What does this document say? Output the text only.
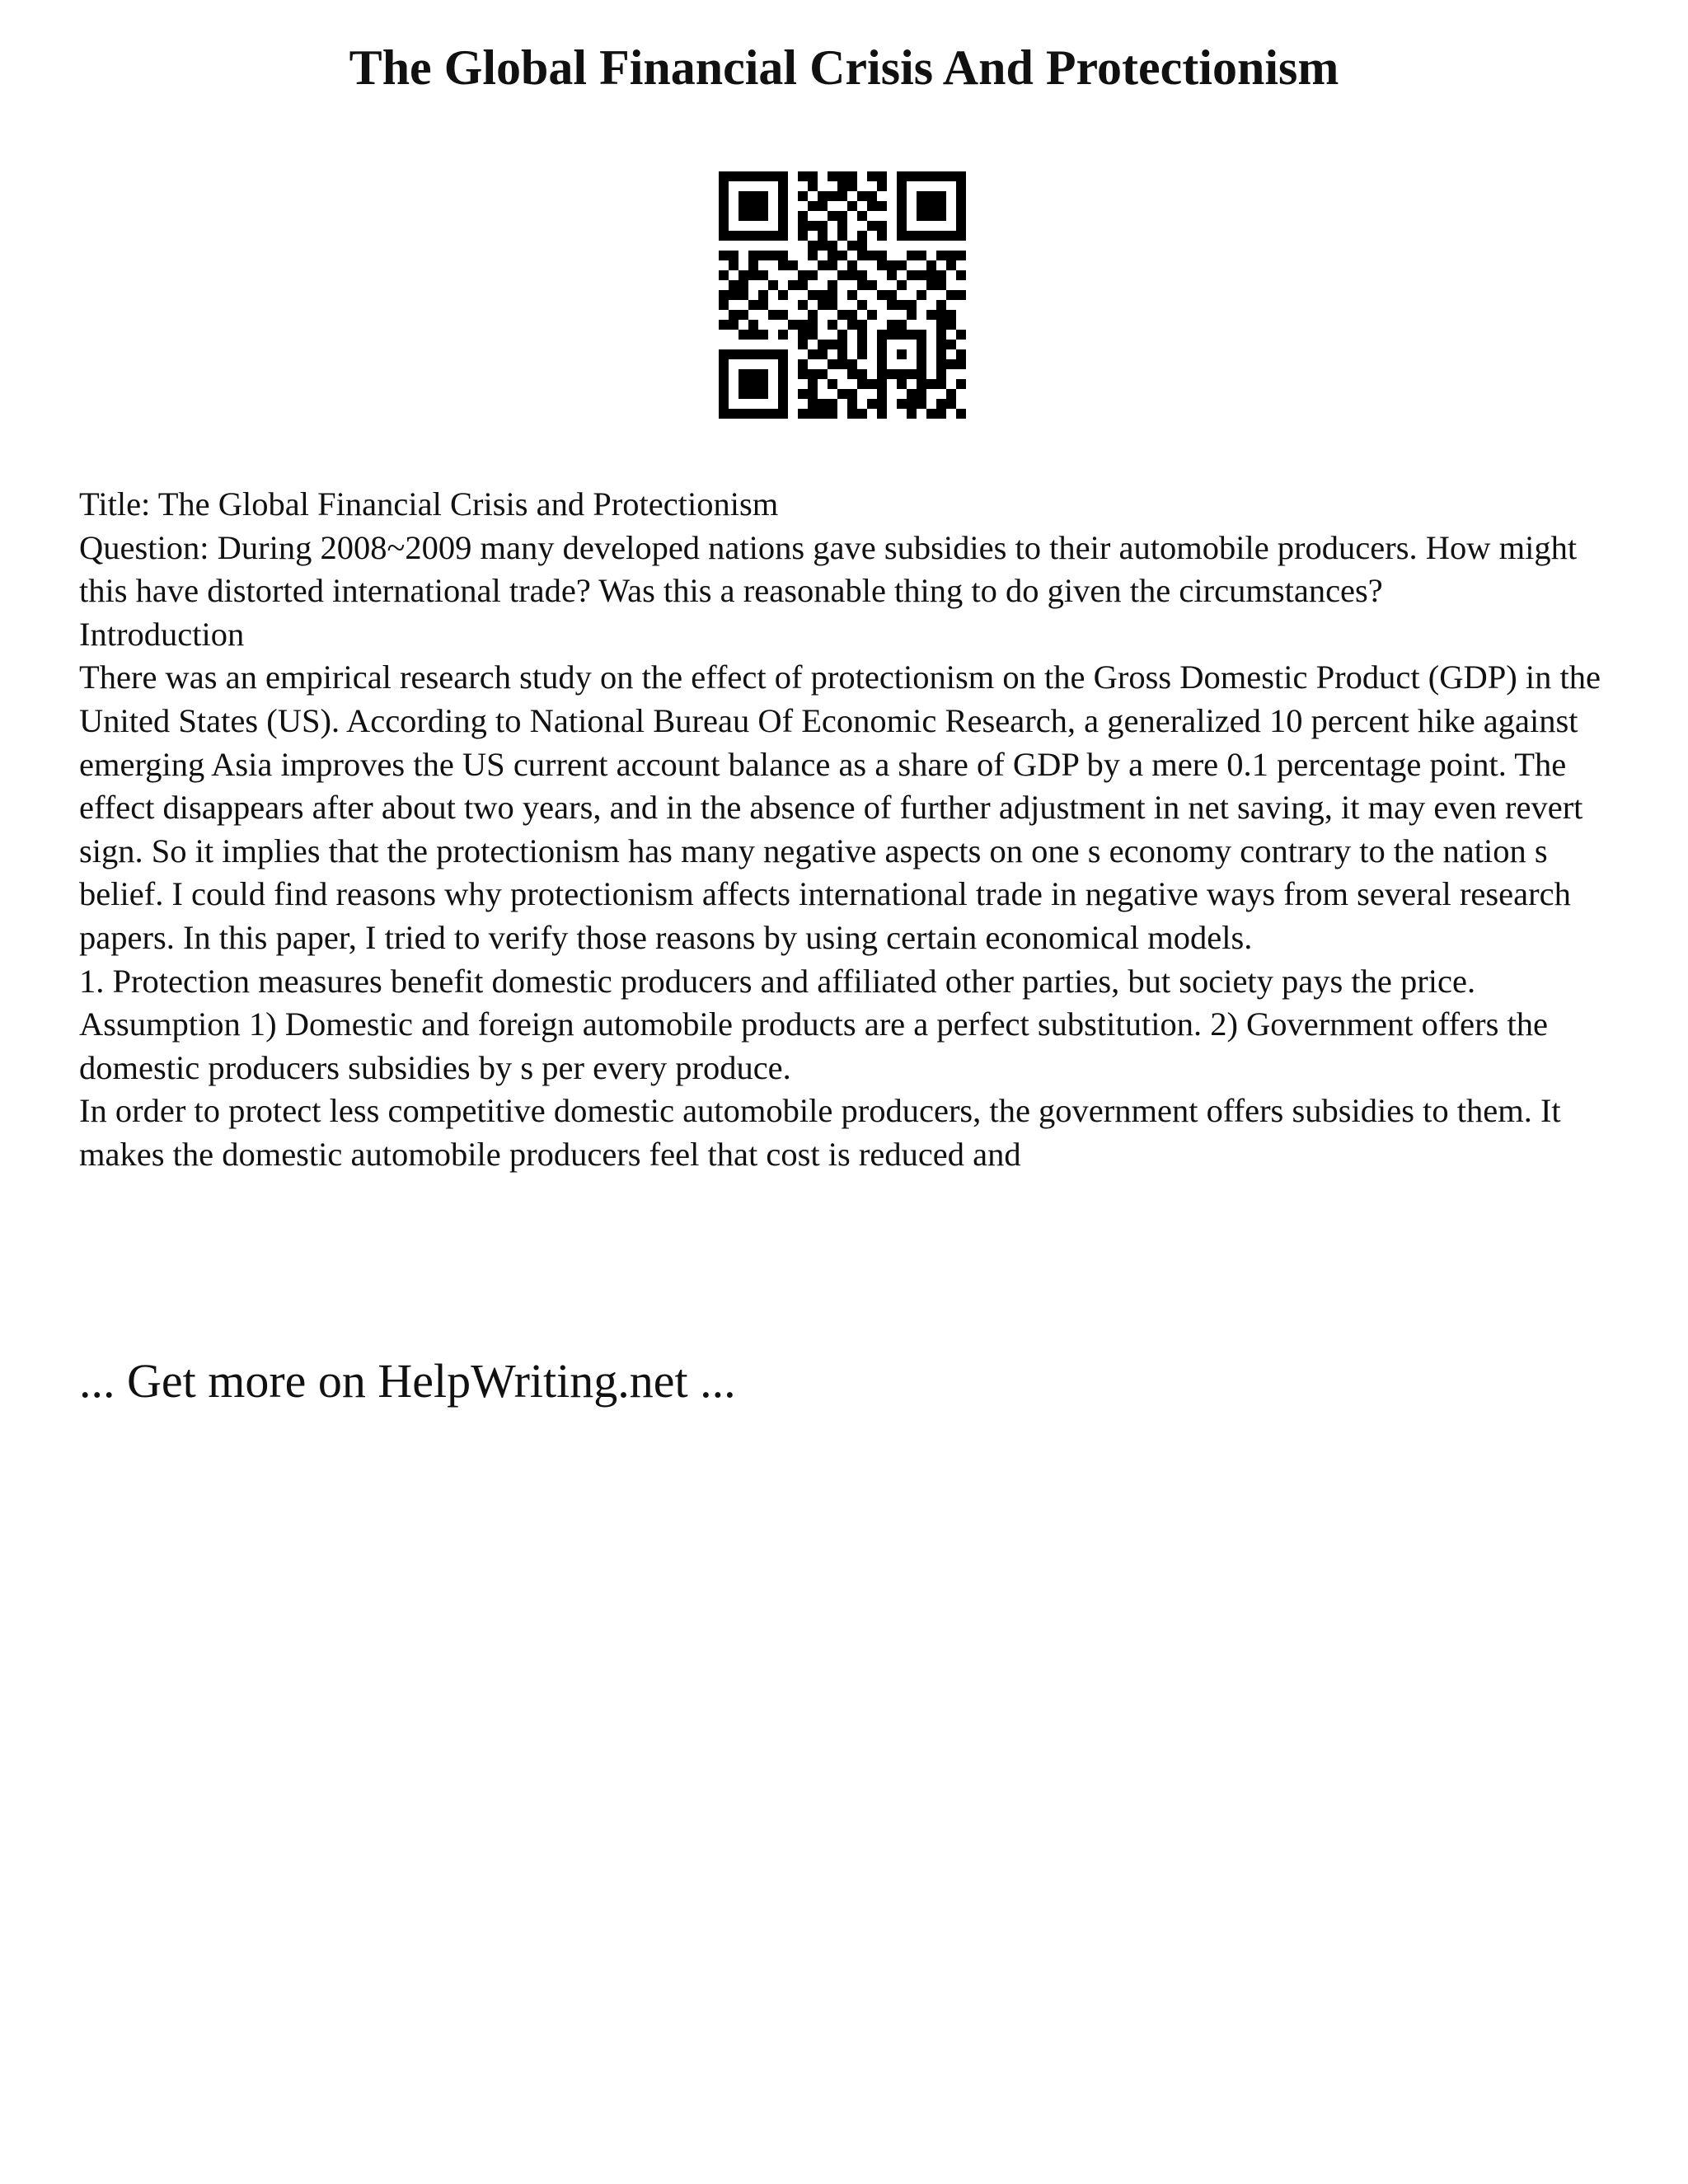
The Global Financial Crisis And Protectionism

Title: The Global Financial Crisis and Protectionism

Question: During 2008~2009 many developed nations gave subsidies to their automobile producers. How might this have distorted international trade? Was this a reasonable thing to do given the circumstances?

Introduction

There was an empirical research study on the effect of protectionism on the Gross Domestic Product (GDP) in the United States (US). According to National Bureau Of Economic Research, a generalized 10 percent hike against emerging Asia improves the US current account balance as a share of GDP by a mere 0.1 percentage point. The effect disappears after about two years, and in the absence of further adjustment in net saving, it may even revert sign. So it implies that the protectionism has many negative aspects on one s economy contrary to the nation s belief. I could find reasons why protectionism affects international trade in negative ways from several research papers. In this paper, I tried to verify those reasons by using certain economical models.

1. Protection measures benefit domestic producers and affiliated other parties, but society pays the price.

Assumption 1) Domestic and foreign automobile products are a perfect substitution. 2) Government offers the domestic producers subsidies by s per every produce.

In order to protect less competitive domestic automobile producers, the government offers subsidies to them. It makes the domestic automobile producers feel that cost is reduced and

... Get more on HelpWriting.net ...
